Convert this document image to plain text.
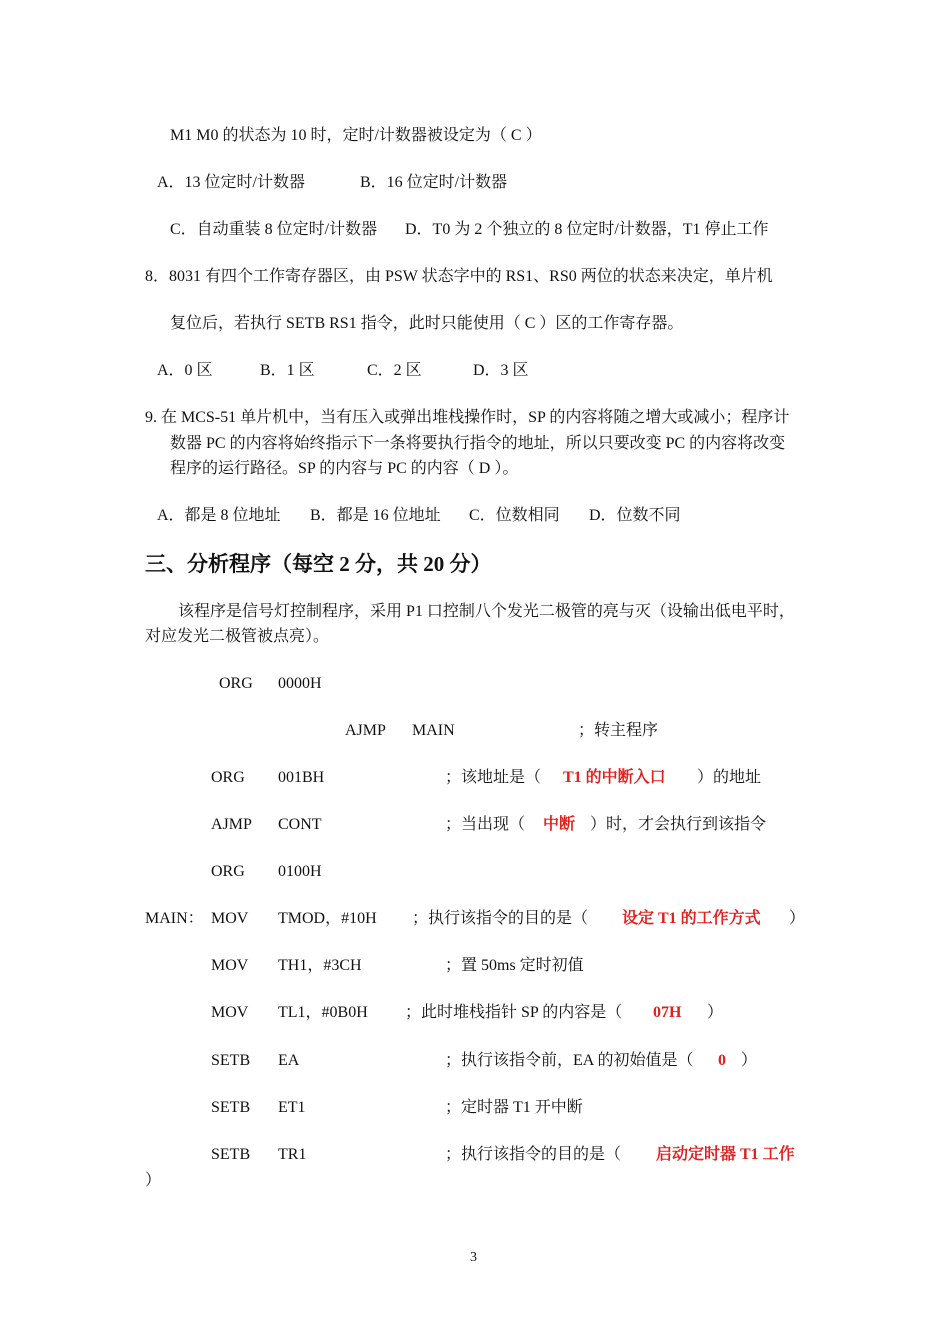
M1 M0 的状态为 10 时，定时/计数器被设定为（ C ）
A．13 位定时/计数器	B．16 位定时/计数器
C．自动重装 8 位定时/计数器 D．T0 为 2 个独立的 8 位定时/计数器，T1 停止工作
8．8031 有四个工作寄存器区，由 PSW 状态字中的 RS1、RS0 两位的状态来决定，单片机
复位后，若执行 SETB RS1 指令，此时只能使用（ C ）区的工作寄存器。
A．0 区	B．1 区	C．2 区	D．3 区
9. 在 MCS-51 单片机中，当有压入或弹出堆栈操作时，SP 的内容将随之增大或减小；程序计
数器 PC 的内容将始终指示下一条将要执行指令的地址，所以只要改变 PC 的内容将改变
程序的运行路径。SP 的内容与 PC 的内容（ D ）。
A．都是 8 位地址 B．都是 16 位地址 C．位数相同 D．位数不同
三、分析程序（每空 2 分，共 20 分）
该程序是信号灯控制程序，采用 P1 口控制八个发光二极管的亮与灭（设输出低电平时，
对应发光二极管被点亮）。
ORG 0000H
AJMP MAIN	；转主程序
ORG 001BH	；该地址是（ T1 的中断入口 ）的地址
AJMP CONT	；当出现（ 中断 ）时，才会执行到该指令
ORG 0100H
MAIN： MOV TMOD，#10H ；执行该指令的目的是（ 设定 T1 的工作方式 ）
MOV TH1，#3CH	；置 50ms 定时初值
MOV TL1，#0B0H ；此时堆栈指针 SP 的内容是（ 07H ）
SETB EA	；执行该指令前，EA 的初始值是（ 0 ）
SETB ET1	；定时器 T1 开中断
SETB TR1	；执行该指令的目的是（ 启动定时器 T1 工作
）
3
